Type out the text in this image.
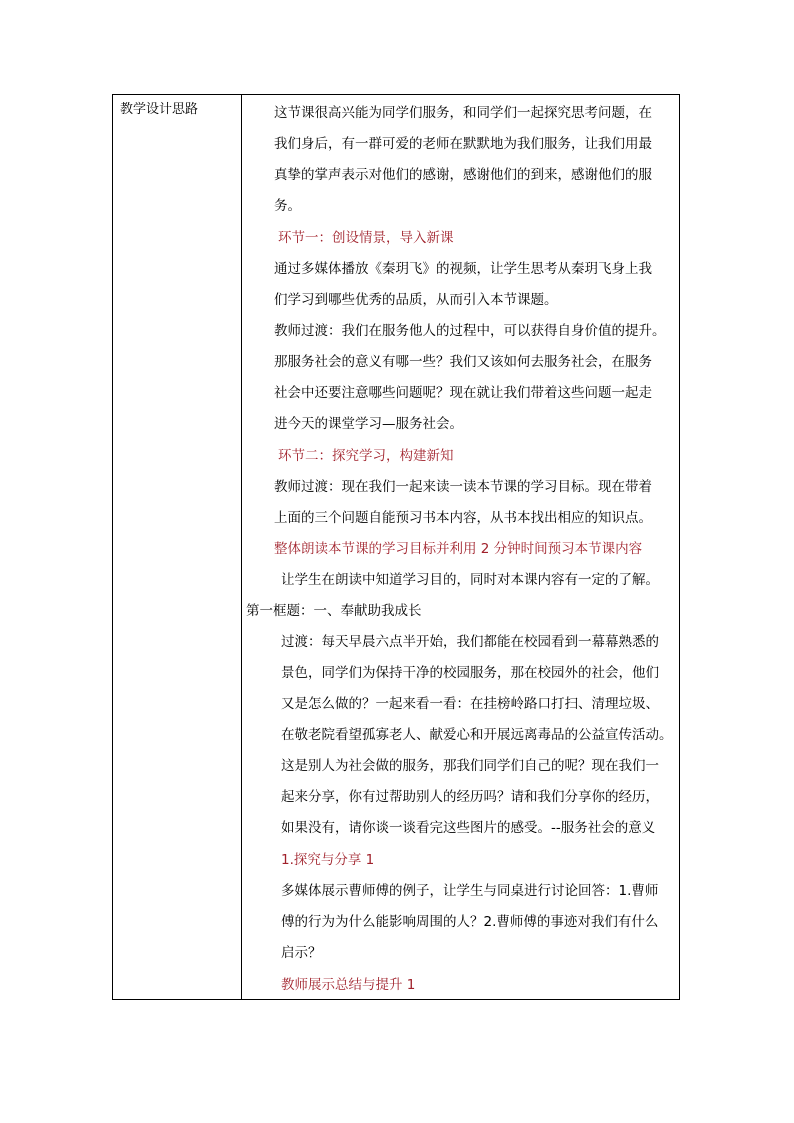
教学设计思路	这节课很高兴能为同学们服务，和同学们一起探究思考问题，在
我们身后，有一群可爱的老师在默默地为我们服务，让我们用最
真挚的掌声表示对他们的感谢，感谢他们的到来，感谢他们的服
务。
环节一：创设情景，导入新课
通过多媒体播放《秦玥飞》的视频，让学生思考从秦玥飞身上我
们学习到哪些优秀的品质，从而引入本节课题。
教师过渡：我们在服务他人的过程中，可以获得自身价值的提升。
那服务社会的意义有哪一些？我们又该如何去服务社会，在服务
社会中还要注意哪些问题呢？现在就让我们带着这些问题一起走
进今天的课堂学习—服务社会。
环节二：探究学习，构建新知
教师过渡：现在我们一起来读一读本节课的学习目标。现在带着
上面的三个问题自能预习书本内容，从书本找出相应的知识点。
整体朗读本节课的学习目标并利用 2 分钟时间预习本节课内容
让学生在朗读中知道学习目的，同时对本课内容有一定的了解。
第一框题：一、奉献助我成长
过渡：每天早晨六点半开始，我们都能在校园看到一幕幕熟悉的
景色，同学们为保持干净的校园服务，那在校园外的社会，他们
又是怎么做的？一起来看一看：在挂榜岭路口打扫、清理垃圾、
在敬老院看望孤寡老人、献爱心和开展远离毒品的公益宣传活动。
这是别人为社会做的服务，那我们同学们自己的呢？现在我们一
起来分享，你有过帮助别人的经历吗？请和我们分享你的经历，
如果没有，请你谈一谈看完这些图片的感受。--服务社会的意义
1.探究与分享 1
多媒体展示曹师傅的例子，让学生与同桌进行讨论回答：1.曹师
傅的行为为什么能影响周围的人？2.曹师傅的事迹对我们有什么
启示？
教师展示总结与提升 1
